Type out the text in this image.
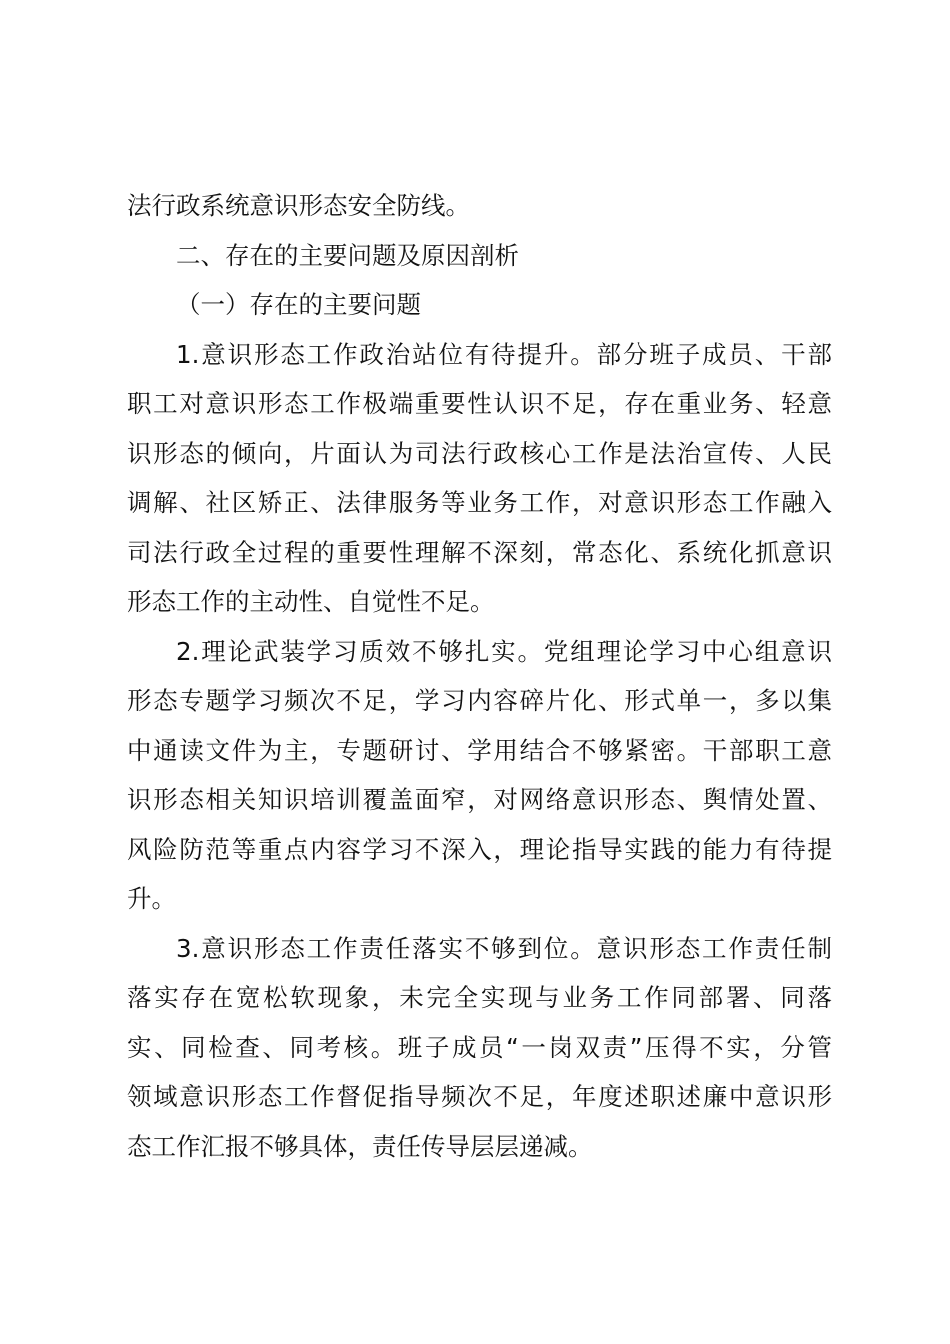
法行政系统意识形态安全防线。
二、存在的主要问题及原因剖析
（一）存在的主要问题
1.意识形态工作政治站位有待提升。部分班子成员、干部
职工对意识形态工作极端重要性认识不足，存在重业务、轻意
识形态的倾向，片面认为司法行政核心工作是法治宣传、人民
调解、社区矫正、法律服务等业务工作，对意识形态工作融入
司法行政全过程的重要性理解不深刻，常态化、系统化抓意识
形态工作的主动性、自觉性不足。
2.理论武装学习质效不够扎实。党组理论学习中心组意识
形态专题学习频次不足，学习内容碎片化、形式单一，多以集
中通读文件为主，专题研讨、学用结合不够紧密。干部职工意
识形态相关知识培训覆盖面窄，对网络意识形态、舆情处置、
风险防范等重点内容学习不深入，理论指导实践的能力有待提
升。
3.意识形态工作责任落实不够到位。意识形态工作责任制
落实存在宽松软现象，未完全实现与业务工作同部署、同落
实、同检查、同考核。班子成员“一岗双责”压得不实，分管
领域意识形态工作督促指导频次不足，年度述职述廉中意识形
态工作汇报不够具体，责任传导层层递减。
